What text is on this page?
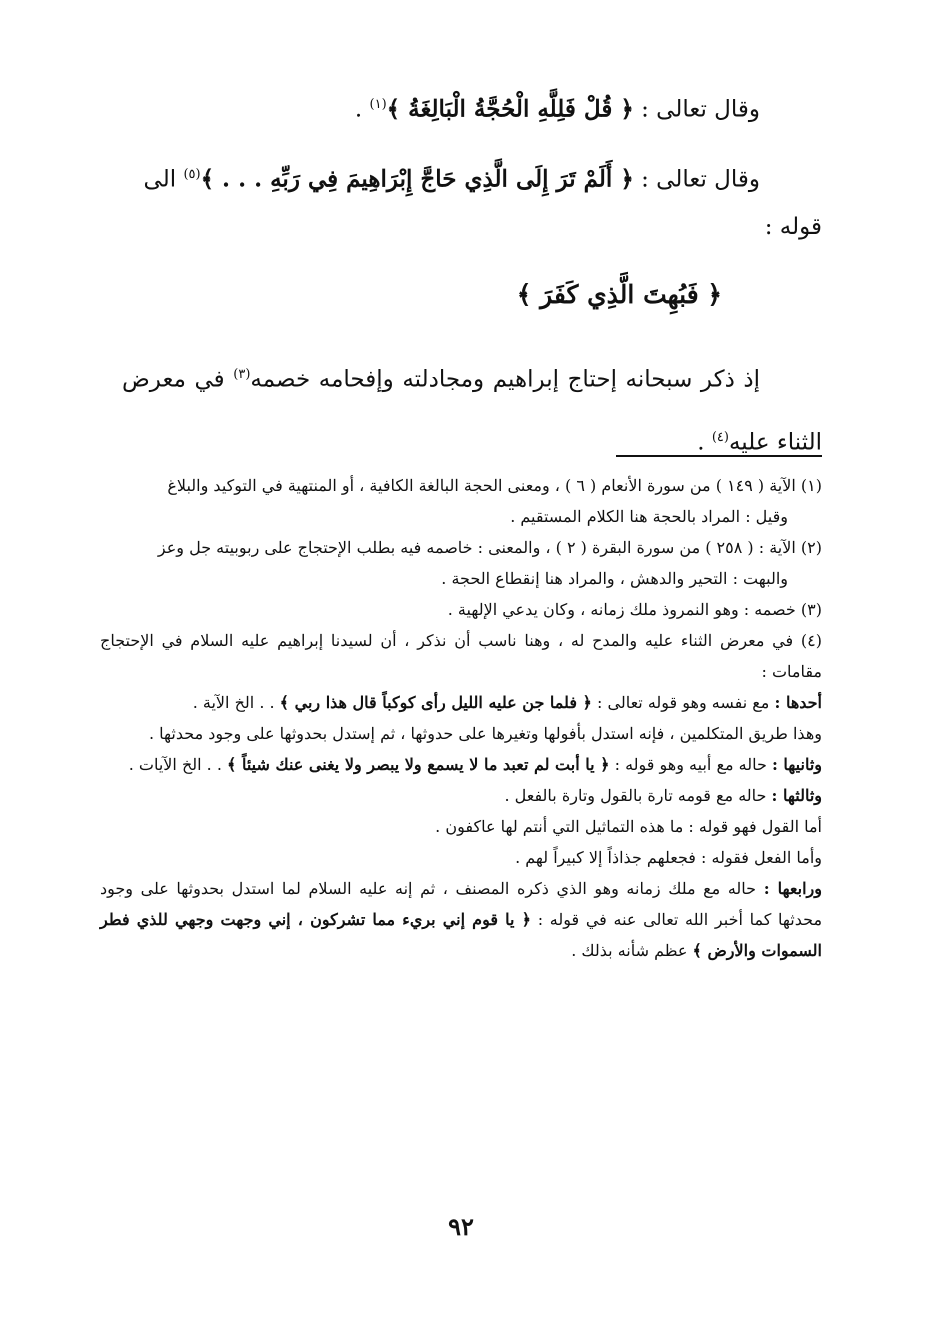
وقال تعالى : ﴿ قُلْ فَلِلَّهِ الْحُجَّةُ الْبَالِغَةُ ﴾$^{(١)}$ .

وقال تعالى : ﴿ أَلَمْ تَرَ إِلَى الَّذِي حَاجَّ إِبْرَاهِيمَ فِي رَبِّهِ . . . ﴾$^{(٥)}$ الى

قوله :

﴿ فَبُهِتَ الَّذِي كَفَرَ ﴾

إذ ذكر سبحانه إحتاج إبراهيم ومجادلته وإفحامه خصمه$^{(٣)}$ في معرض الثناء عليه$^{(٤)}$ .

(١) الآية ( ١٤٩ ) من سورة الأنعام ( ٦ ) ، ومعنى الحجة البالغة الكافية ، أو المنتهية في التوكيد والبلاغ

وقيل : المراد بالحجة هنا الكلام المستقيم .

(٢) الآية : ( ٢٥٨ ) من سورة البقرة ( ٢ ) ، والمعنى : خاصمه فيه بطلب الإحتجاج على ربوبيته جل وعز

والبهت : التحير والدهش ، والمراد هنا إنقطاع الحجة .

(٣) خصمه : وهو النمروذ ملك زمانه ، وكان يدعي الإلهية .

(٤) في معرض الثناء عليه والمدح له ، وهنا ناسب أن نذكر ، أن لسيدنا إبراهيم عليه السلام في الإحتجاج مقامات :

أحدها : مع نفسه وهو قوله تعالى : ﴿ فلما جن عليه الليل رأى كوكباً قال هذا ربي ﴾ . . الخ الآية .

وهذا طريق المتكلمين ، فإنه استدل بأفولها وتغيرها على حدوثها ، ثم إستدل بحدوثها على وجود محدثها .

وثانيها : حاله مع أبيه وهو قوله : ﴿ يا أبت لم تعبد ما لا يسمع ولا يبصر ولا يغنى عنك شيئاً ﴾ . . الخ الآيات .

وثالثها : حاله مع قومه تارة بالقول وتارة بالفعل .

أما القول فهو قوله : ما هذه التماثيل التي أنتم لها عاكفون .

وأما الفعل فقوله : فجعلهم جذاذاً إلا كبيراً لهم .

ورابعها : حاله مع ملك زمانه وهو الذي ذكره المصنف ، ثم إنه عليه السلام لما استدل بحدوثها على وجود محدثها كما أخبر الله تعالى عنه في قوله : ﴿ يا قوم إني بريء مما تشركون ، إني وجهت وجهي للذي فطر السموات والأرض ﴾ عظم شأنه بذلك .

٩٢
